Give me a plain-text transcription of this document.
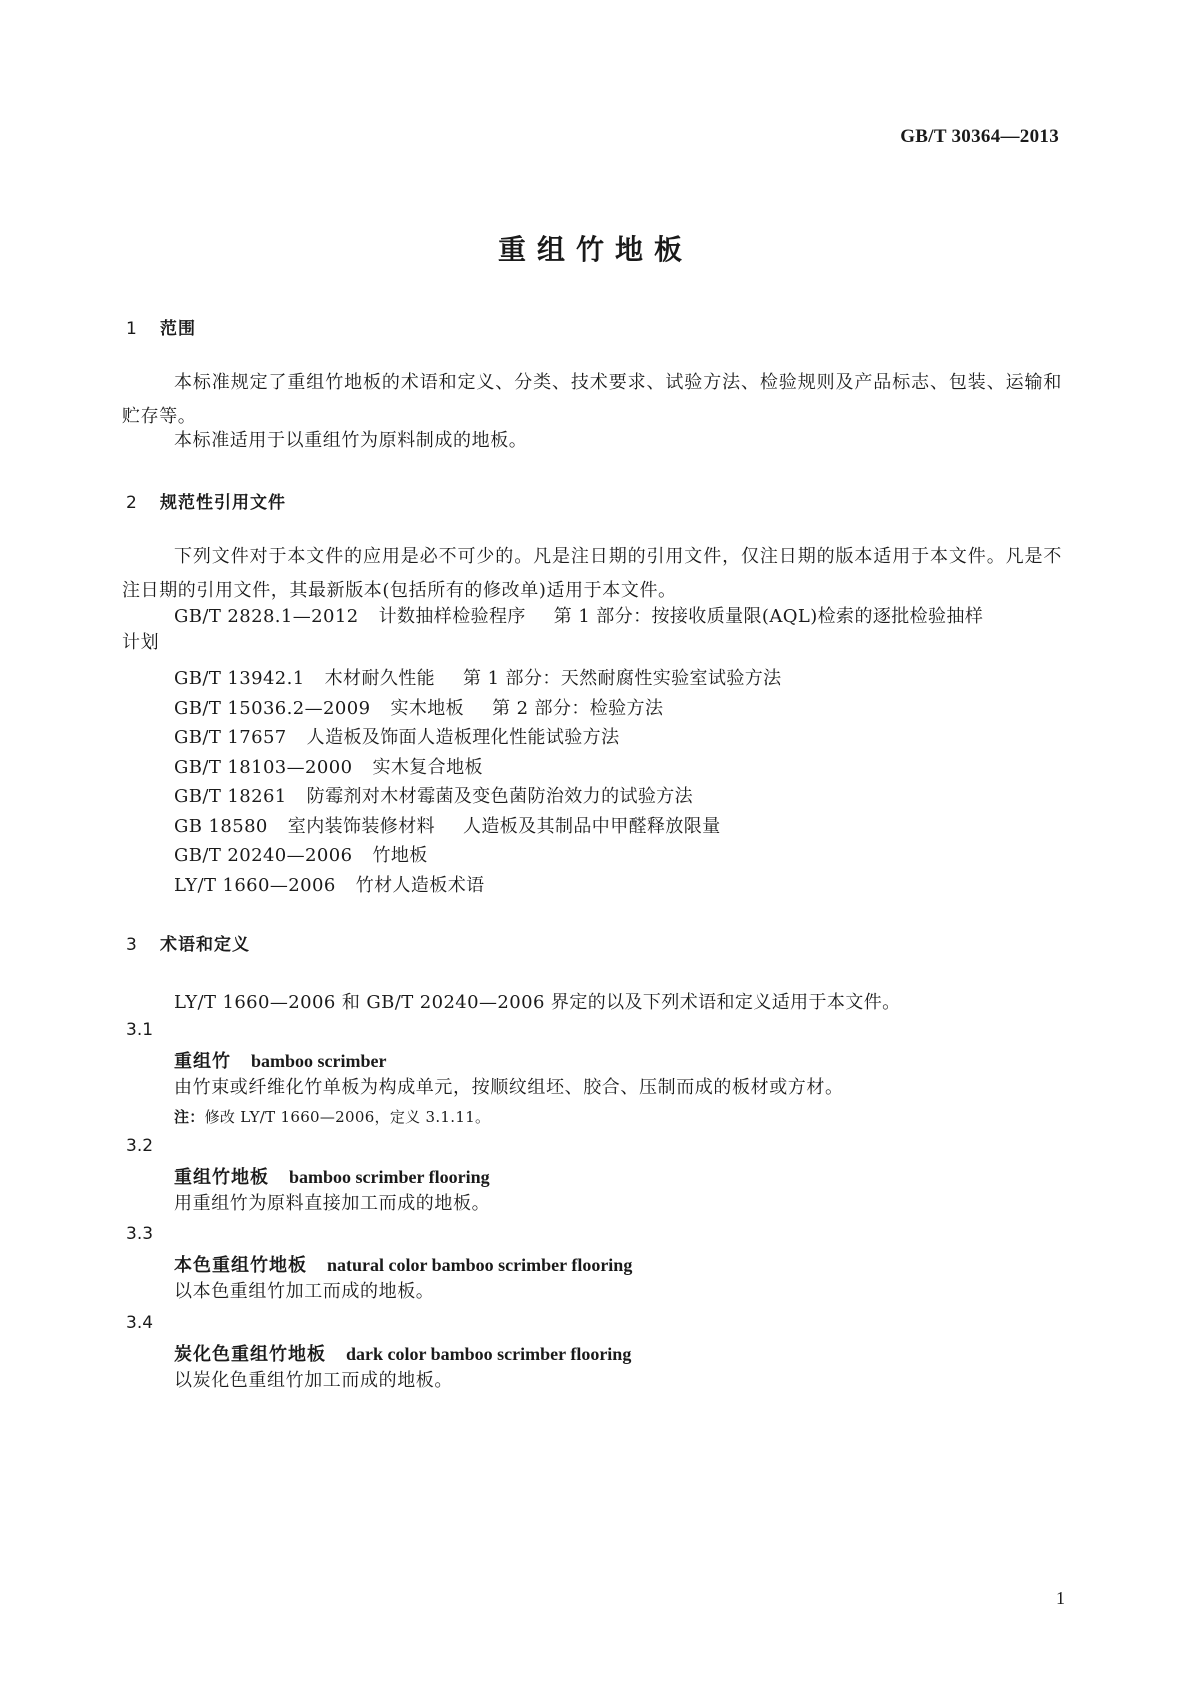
GB/T 30364—2013
重组竹地板
1 范围
本标准规定了重组竹地板的术语和定义、分类、技术要求、试验方法、检验规则及产品标志、包装、运输和贮存等。
本标准适用于以重组竹为原料制成的地板。
2 规范性引用文件
下列文件对于本文件的应用是必不可少的。凡是注日期的引用文件，仅注日期的版本适用于本文件。凡是不注日期的引用文件，其最新版本(包括所有的修改单)适用于本文件。
GB/T 2828.1—2012 计数抽样检验程序 第 1 部分：按接收质量限(AQL)检索的逐批检验抽样
计划
GB/T 13942.1 木材耐久性能 第 1 部分：天然耐腐性实验室试验方法
GB/T 15036.2—2009 实木地板 第 2 部分：检验方法
GB/T 17657 人造板及饰面人造板理化性能试验方法
GB/T 18103—2000 实木复合地板
GB/T 18261 防霉剂对木材霉菌及变色菌防治效力的试验方法
GB 18580 室内装饰装修材料 人造板及其制品中甲醛释放限量
GB/T 20240—2006 竹地板
LY/T 1660—2006 竹材人造板术语
3 术语和定义
LY/T 1660—2006 和 GB/T 20240—2006 界定的以及下列术语和定义适用于本文件。
3.1
重组竹 bamboo scrimber
由竹束或纤维化竹单板为构成单元，按顺纹组坯、胶合、压制而成的板材或方材。
注：修改 LY/T 1660—2006，定义 3.1.11。
3.2
重组竹地板 bamboo scrimber flooring
用重组竹为原料直接加工而成的地板。
3.3
本色重组竹地板 natural color bamboo scrimber flooring
以本色重组竹加工而成的地板。
3.4
炭化色重组竹地板 dark color bamboo scrimber flooring
以炭化色重组竹加工而成的地板。
1
